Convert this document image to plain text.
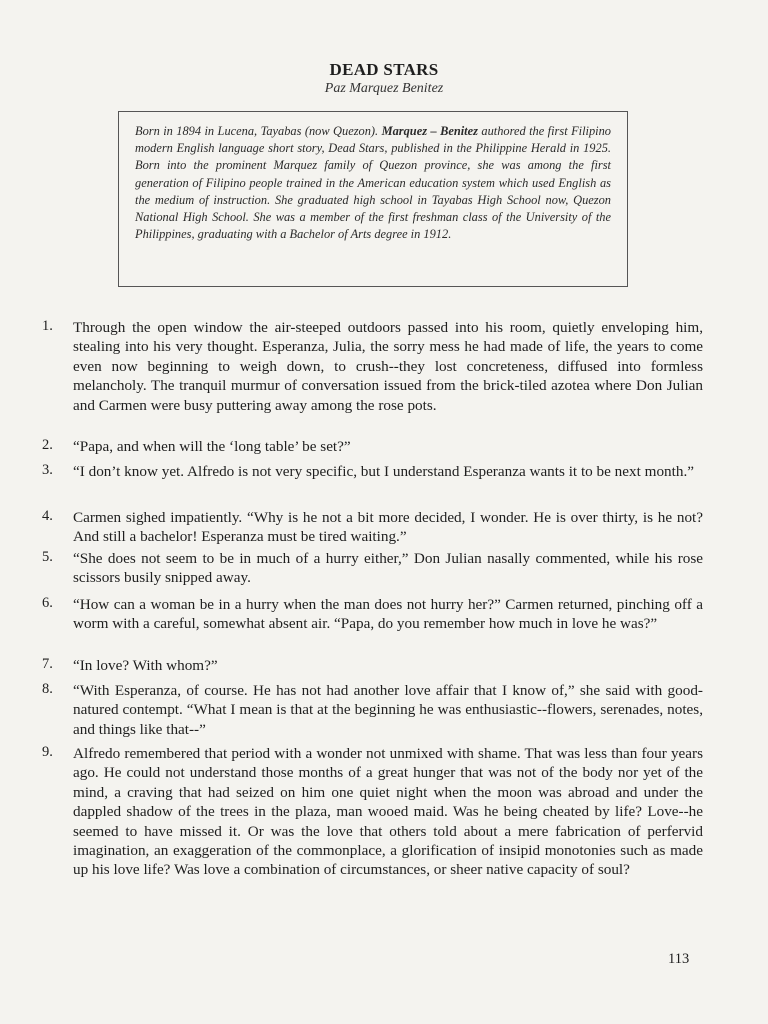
DEAD STARS
Paz Marquez Benitez
Born in 1894 in Lucena, Tayabas (now Quezon). Marquez – Benitez authored the first Filipino modern English language short story, Dead Stars, published in the Philippine Herald in 1925. Born into the prominent Marquez family of Quezon province, she was among the first generation of Filipino people trained in the American education system which used English as the medium of instruction. She graduated high school in Tayabas High School now, Quezon National High School. She was a member of the first freshman class of the University of the Philippines, graduating with a Bachelor of Arts degree in 1912.
1.	Through the open window the air-steeped outdoors passed into his room, quietly enveloping him, stealing into his very thought. Esperanza, Julia, the sorry mess he had made of life, the years to come even now beginning to weigh down, to crush--they lost concreteness, diffused into formless melancholy. The tranquil murmur of conversation issued from the brick-tiled azotea where Don Julian and Carmen were busy puttering away among the rose pots.
2.	“Papa, and when will the ‘long table’ be set?”
3.	“I don’t know yet. Alfredo is not very specific, but I understand Esperanza wants it to be next month.”
4.	Carmen sighed impatiently. “Why is he not a bit more decided, I wonder. He is over thirty, is he not? And still a bachelor! Esperanza must be tired waiting.”
5.	“She does not seem to be in much of a hurry either,” Don Julian nasally commented, while his rose scissors busily snipped away.
6.	“How can a woman be in a hurry when the man does not hurry her?” Carmen returned, pinching off a worm with a careful, somewhat absent air. “Papa, do you remember how much in love he was?”
7.	“In love? With whom?”
8.	“With Esperanza, of course. He has not had another love affair that I know of,” she said with good-natured contempt. “What I mean is that at the beginning he was enthusiastic--flowers, serenades, notes, and things like that--”
9.	Alfredo remembered that period with a wonder not unmixed with shame. That was less than four years ago. He could not understand those months of a great hunger that was not of the body nor yet of the mind, a craving that had seized on him one quiet night when the moon was abroad and under the dappled shadow of the trees in the plaza, man wooed maid. Was he being cheated by life? Love--he seemed to have missed it. Or was the love that others told about a mere fabrication of perfervid imagination, an exaggeration of the commonplace, a glorification of insipid monotonies such as made up his love life? Was love a combination of circumstances, or sheer native capacity of soul?
113
